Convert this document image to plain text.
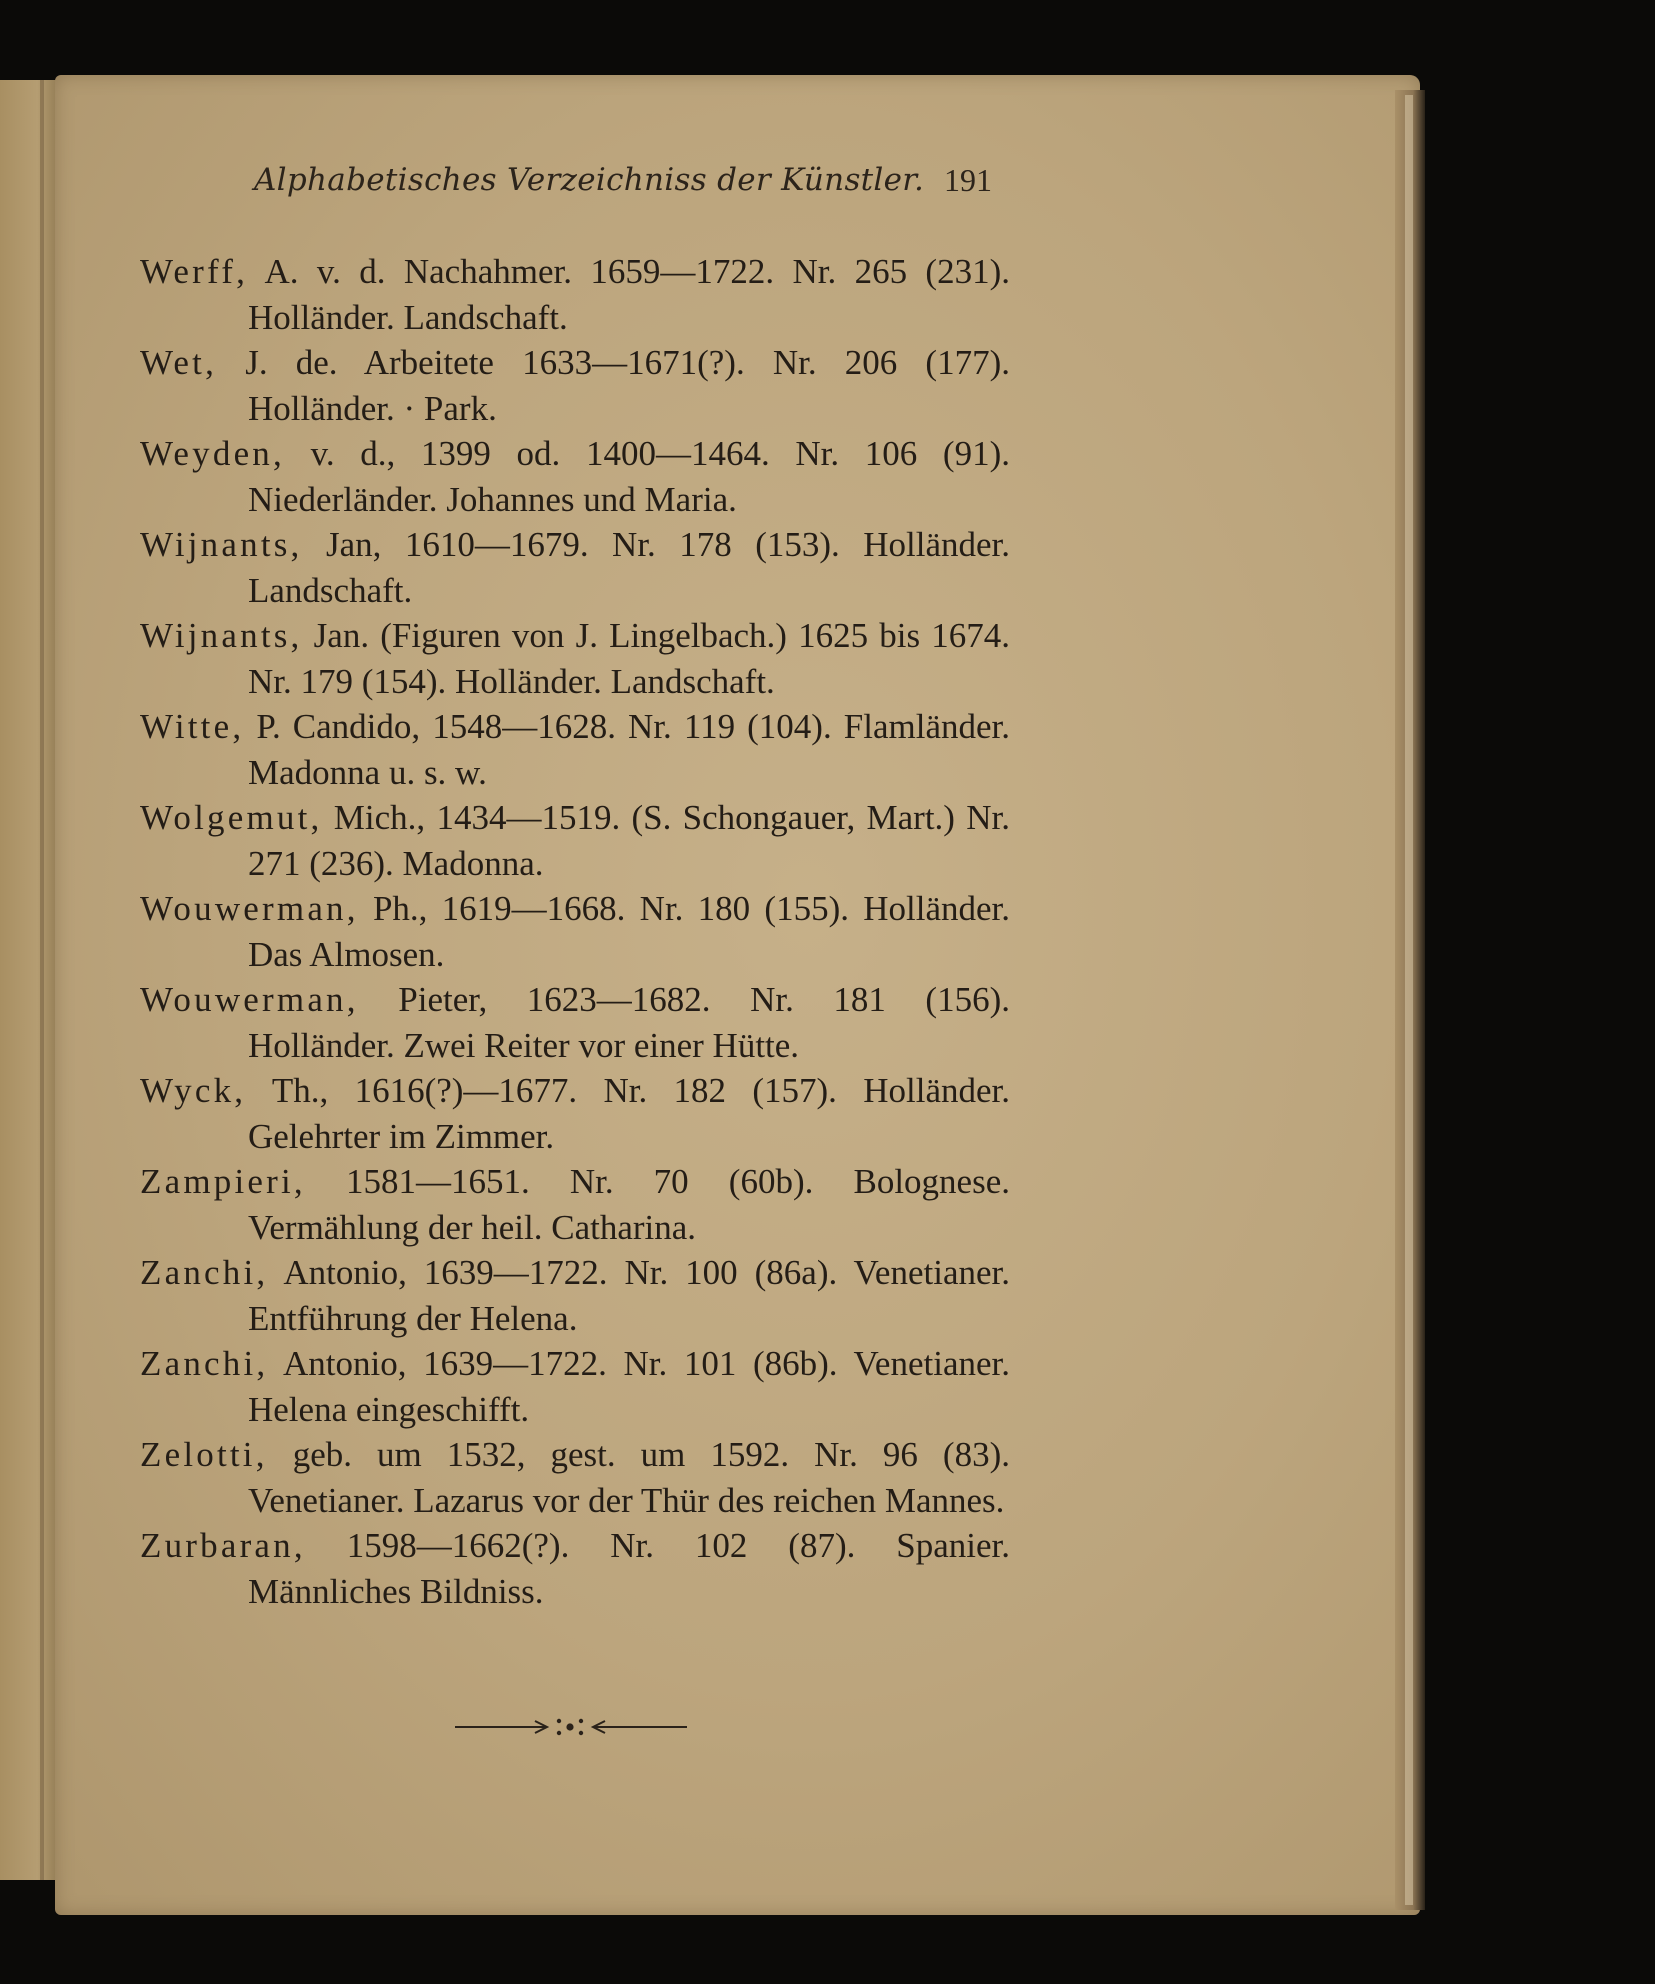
Alphabetisches Verzeichniss der Künstler. 191

Werff, A. v. d. Nachahmer. 1659—1722. Nr. 265 (231). Holländer. Landschaft.

Wet, J. de. Arbeitete 1633—1671(?). Nr. 206 (177). Holländer. · Park.

Weyden, v. d., 1399 od. 1400—1464. Nr. 106 (91). Niederländer. Johannes und Maria.

Wijnants, Jan, 1610—1679. Nr. 178 (153). Holländer. Landschaft.

Wijnants, Jan. (Figuren von J. Lingelbach.) 1625 bis 1674. Nr. 179 (154). Holländer. Landschaft.

Witte, P. Candido, 1548—1628. Nr. 119 (104). Flamländer. Madonna u. s. w.

Wolgemut, Mich., 1434—1519. (S. Schongauer, Mart.) Nr. 271 (236). Madonna.

Wouwerman, Ph., 1619—1668. Nr. 180 (155). Holländer. Das Almosen.

Wouwerman, Pieter, 1623—1682. Nr. 181 (156). Holländer. Zwei Reiter vor einer Hütte.

Wyck, Th., 1616(?)—1677. Nr. 182 (157). Holländer. Gelehrter im Zimmer.

Zampieri, 1581—1651. Nr. 70 (60b). Bolognese. Vermählung der heil. Catharina.

Zanchi, Antonio, 1639—1722. Nr. 100 (86a). Venetianer. Entführung der Helena.

Zanchi, Antonio, 1639—1722. Nr. 101 (86b). Venetianer. Helena eingeschifft.

Zelotti, geb. um 1532, gest. um 1592. Nr. 96 (83). Venetianer. Lazarus vor der Thür des reichen Mannes.

Zurbaran, 1598—1662(?). Nr. 102 (87). Spanier. Männliches Bildniss.
